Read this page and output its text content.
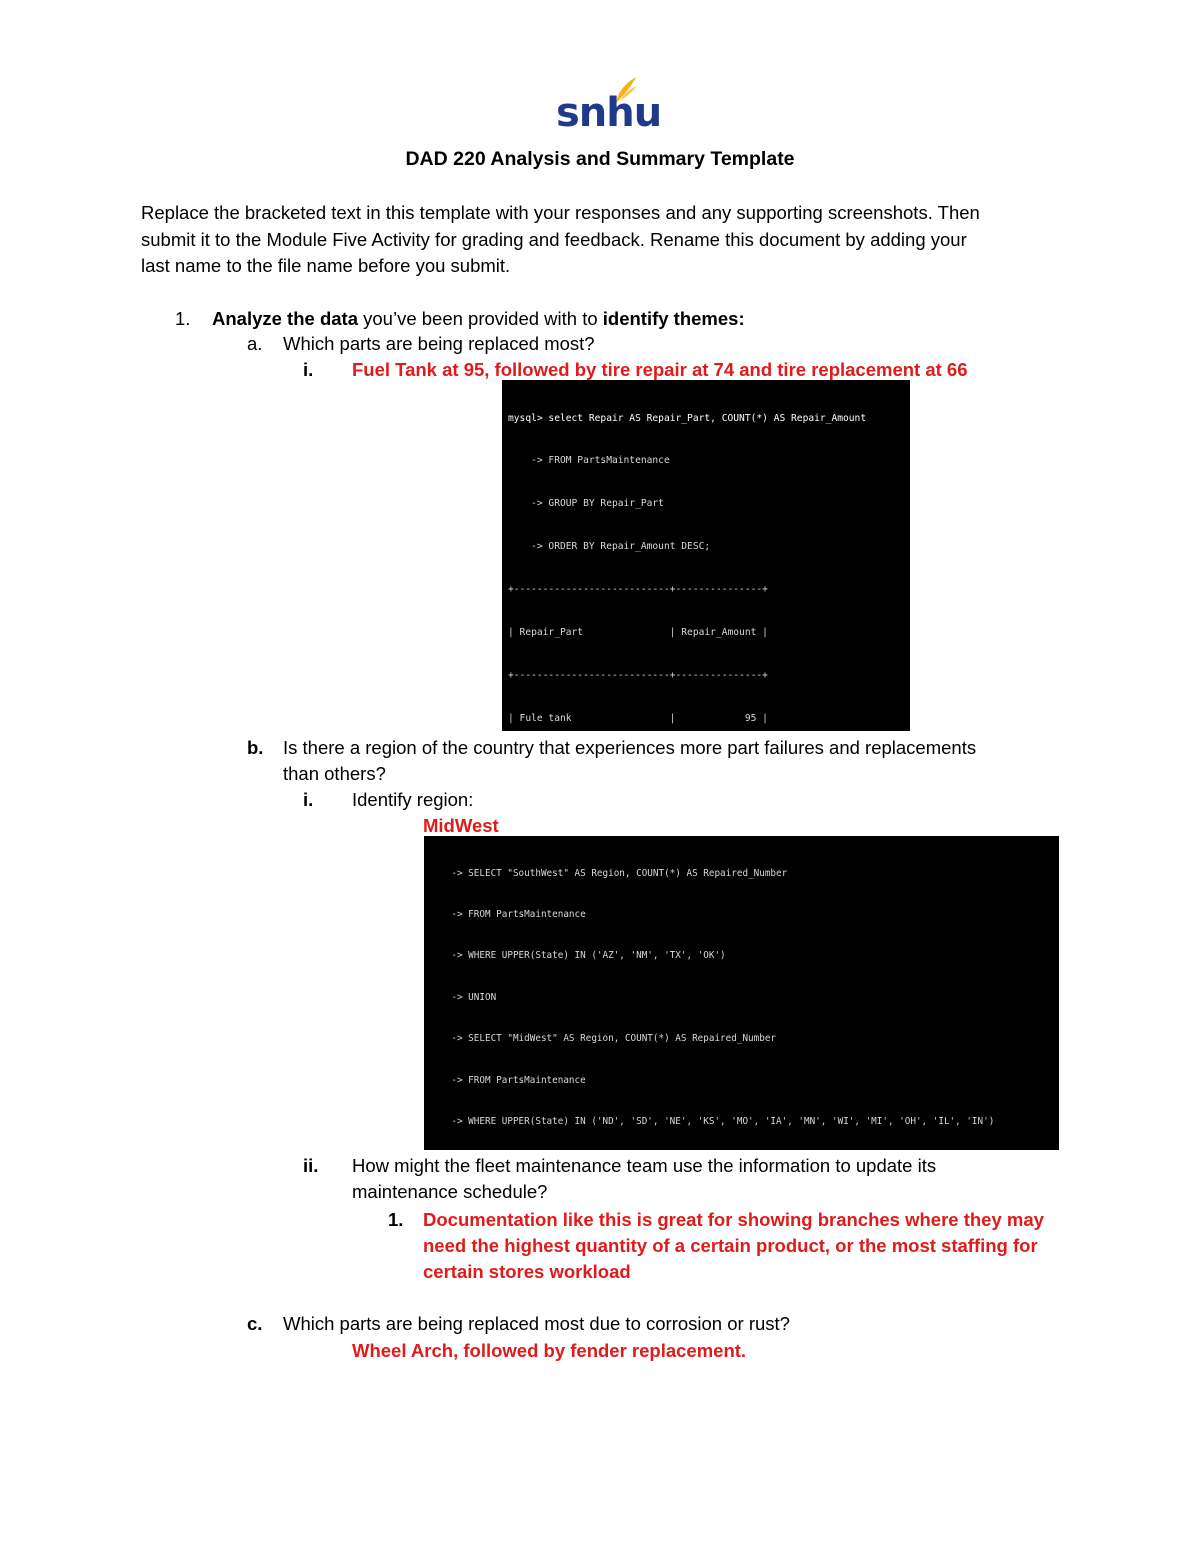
snhu
DAD 220 Analysis and Summary Template
Replace the bracketed text in this template with your responses and any supporting screenshots. Then
submit it to the Module Five Activity for grading and feedback. Rename this document by adding your
last name to the file name before you submit.
1. Analyze the data you’ve been provided with to identify themes:
a. Which parts are being replaced most?
i. Fuel Tank at 95, followed by tire repair at 74 and tire replacement at 66

mysql> select Repair AS Repair_Part, COUNT(*) AS Repair_Amount

-> FROM PartsMaintenance

-> GROUP BY Repair_Part

-> ORDER BY Repair_Amount DESC;

+---------------------------+---------------+

| Repair_Part               | Repair_Amount |

+---------------------------+---------------+

| Fule tank                 |            95 |

b. Is there a region of the country that experiences more part failures and replacements
than others?
i. Identify region:
MidWest

-> SELECT "SouthWest" AS Region, COUNT(*) AS Repaired_Number

-> FROM PartsMaintenance

-> WHERE UPPER(State) IN ('AZ', 'NM', 'TX', 'OK')

-> UNION

-> SELECT "MidWest" AS Region, COUNT(*) AS Repaired_Number

-> FROM PartsMaintenance

-> WHERE UPPER(State) IN ('ND', 'SD', 'NE', 'KS', 'MO', 'IA', 'MN', 'WI', 'MI', 'OH', 'IL', 'IN')

ii. How might the fleet maintenance team use the information to update its
maintenance schedule?
1. Documentation like this is great for showing branches where they may
need the highest quantity of a certain product, or the most staffing for
certain stores workload
c. Which parts are being replaced most due to corrosion or rust?
Wheel Arch, followed by fender replacement.
